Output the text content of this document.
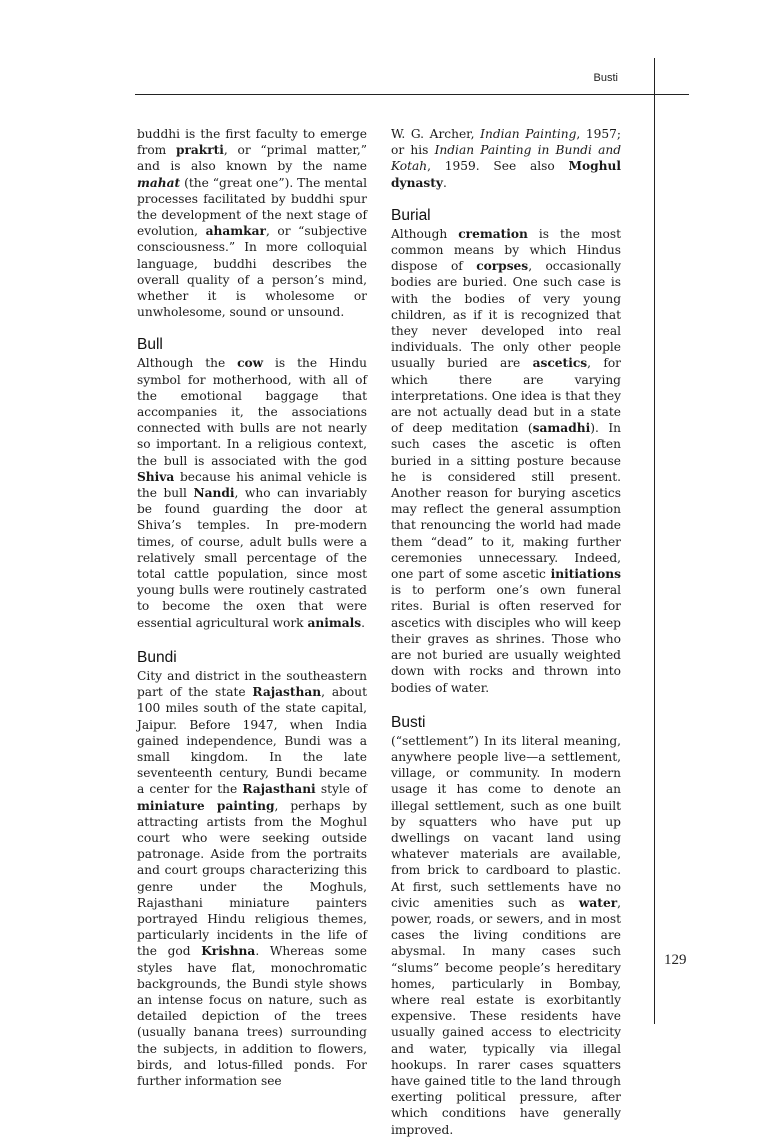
Busti
129

buddhi is the first faculty to emerge from prakrti, or “primal matter,” and is also known by the name mahat (the “great one”). The mental processes facilitated by buddhi spur the development of the next stage of evolution, ahamkar, or “subjective consciousness.” In more colloquial language, buddhi describes the overall quality of a person’s mind, whether it is wholesome or unwholesome, sound or unsound.

Bull

Although the cow is the Hindu symbol for motherhood, with all of the emotional baggage that accompanies it, the associations connected with bulls are not nearly so important. In a religious context, the bull is associated with the god Shiva because his animal vehicle is the bull Nandi, who can invariably be found guarding the door at Shiva’s temples. In pre-modern times, of course, adult bulls were a relatively small percentage of the total cattle population, since most young bulls were routinely castrated to become the oxen that were essential agricultural work animals.

Bundi

City and district in the southeastern part of the state Rajasthan, about 100 miles south of the state capital, Jaipur. Before 1947, when India gained independence, Bundi was a small kingdom. In the late seventeenth century, Bundi became a center for the Rajasthani style of miniature painting, perhaps by attracting artists from the Moghul court who were seeking outside patronage. Aside from the portraits and court groups characterizing this genre under the Moghuls, Rajasthani miniature painters portrayed Hindu religious themes, particularly incidents in the life of the god Krishna. Whereas some styles have flat, monochromatic backgrounds, the Bundi style shows an intense focus on nature, such as detailed depiction of the trees (usually banana trees) surrounding the subjects, in addition to flowers, birds, and lotus-filled ponds. For further information see

W. G. Archer, Indian Painting, 1957; or his Indian Painting in Bundi and Kotah, 1959. See also Moghul dynasty.

Burial

Although cremation is the most common means by which Hindus dispose of corpses, occasionally bodies are buried. One such case is with the bodies of very young children, as if it is recognized that they never developed into real individuals. The only other people usually buried are ascetics, for which there are varying interpretations. One idea is that they are not actually dead but in a state of deep meditation (samadhi). In such cases the ascetic is often buried in a sitting posture because he is considered still present. Another reason for burying ascetics may reflect the general assumption that renouncing the world had made them “dead” to it, making further ceremonies unnecessary. Indeed, one part of some ascetic initiations is to perform one’s own funeral rites. Burial is often reserved for ascetics with disciples who will keep their graves as shrines. Those who are not buried are usually weighted down with rocks and thrown into bodies of water.

Busti

(“settlement”) In its literal meaning, anywhere people live—a settlement, village, or community. In modern usage it has come to denote an illegal settlement, such as one built by squatters who have put up dwellings on vacant land using whatever materials are available, from brick to cardboard to plastic. At first, such settlements have no civic amenities such as water, power, roads, or sewers, and in most cases the living conditions are abysmal. In many cases such “slums” become people’s hereditary homes, particularly in Bombay, where real estate is exorbitantly expensive. These residents have usually gained access to electricity and water, typically via illegal hookups. In rarer cases squatters have gained title to the land through exerting political pressure, after which conditions have generally improved.
